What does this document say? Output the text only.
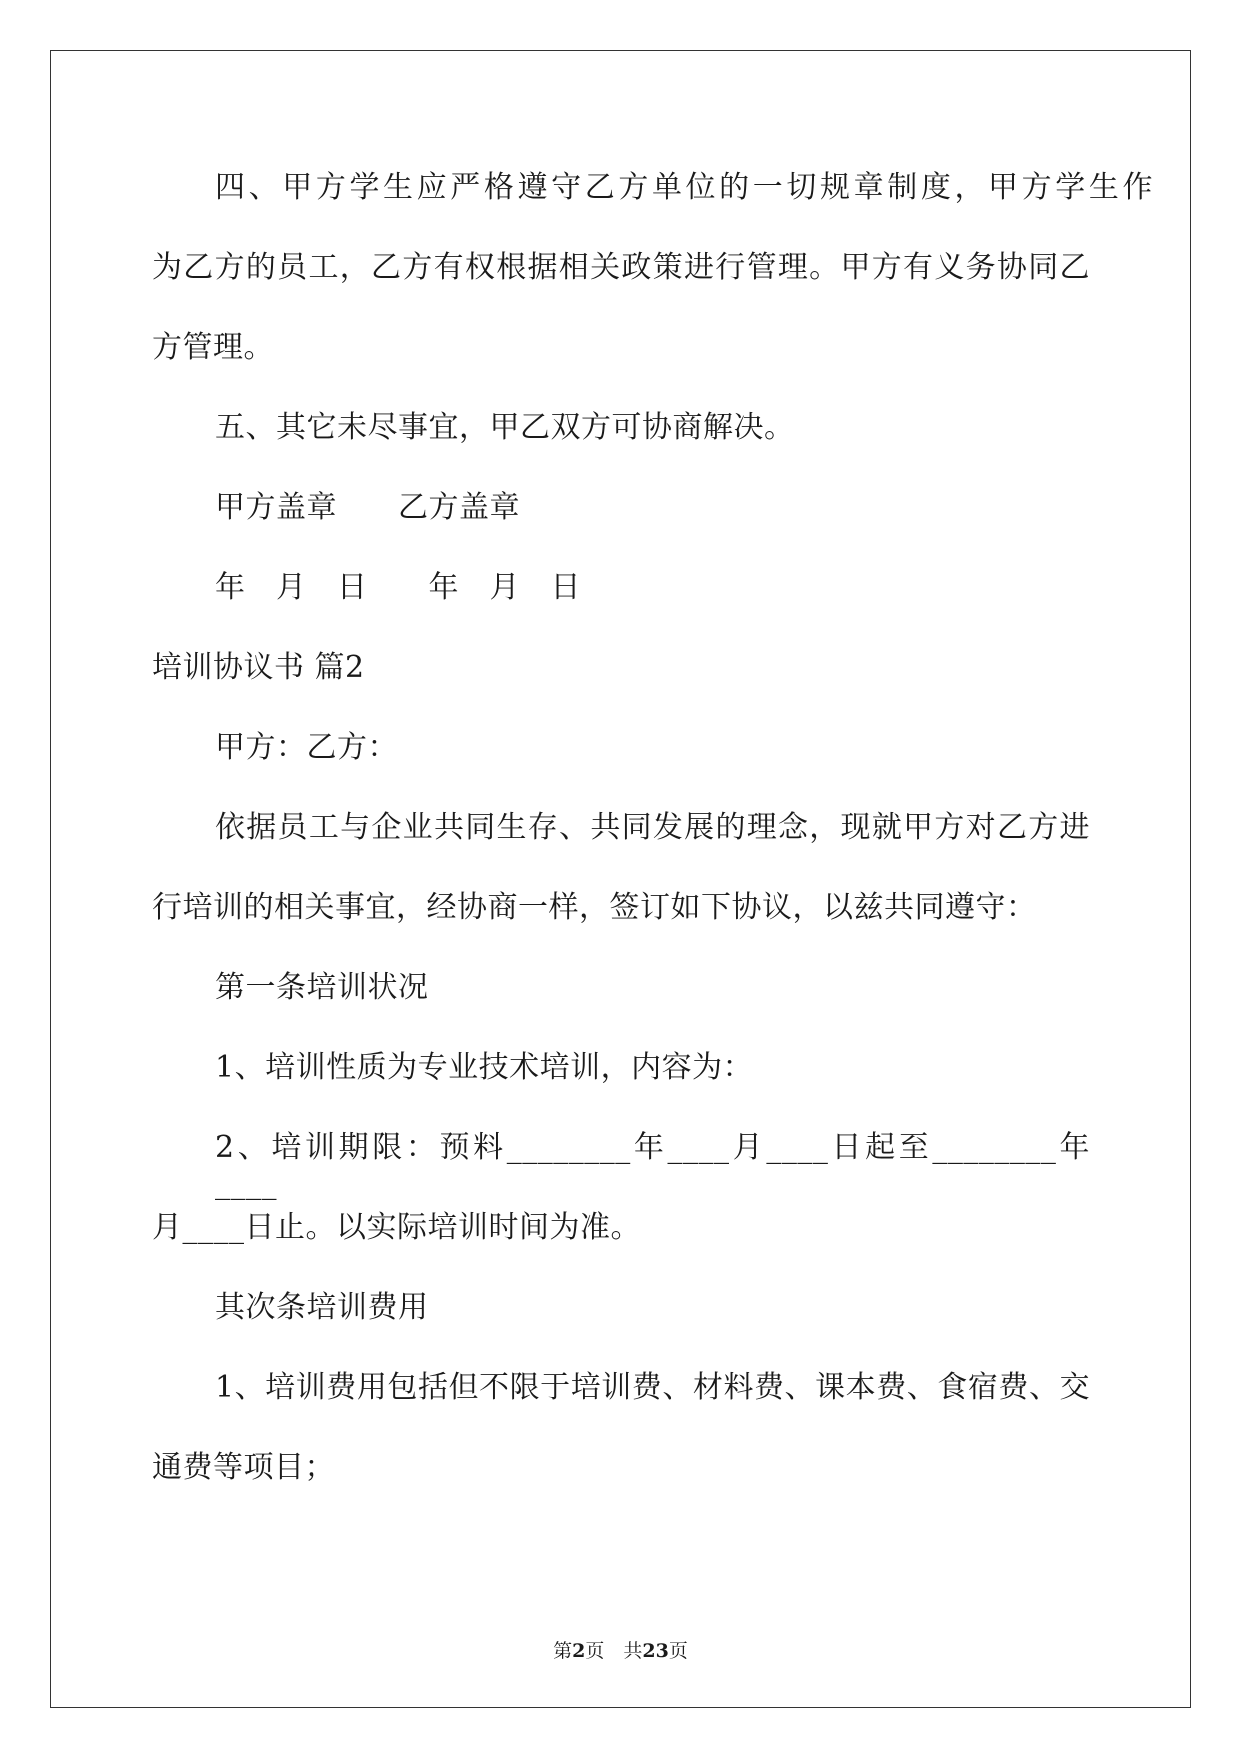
四、甲方学生应严格遵守乙方单位的一切规章制度，甲方学生作

为乙方的员工，乙方有权根据相关政策进行管理。甲方有义务协同乙

方管理。

五、其它未尽事宜，甲乙双方可协商解决。

甲方盖章　　乙方盖章

年　月　日　　年　月　日

培训协议书 篇2

甲方：乙方：

依据员工与企业共同生存、共同发展的理念，现就甲方对乙方进

行培训的相关事宜，经协商一样，签订如下协议，以兹共同遵守：

第一条培训状况

1、培训性质为专业技术培训，内容为：

2、培训期限：预料________年____月____日起至________年____

月____日止。以实际培训时间为准。

其次条培训费用

1、培训费用包括但不限于培训费、材料费、课本费、食宿费、交

通费等项目；

第2页　共23页
